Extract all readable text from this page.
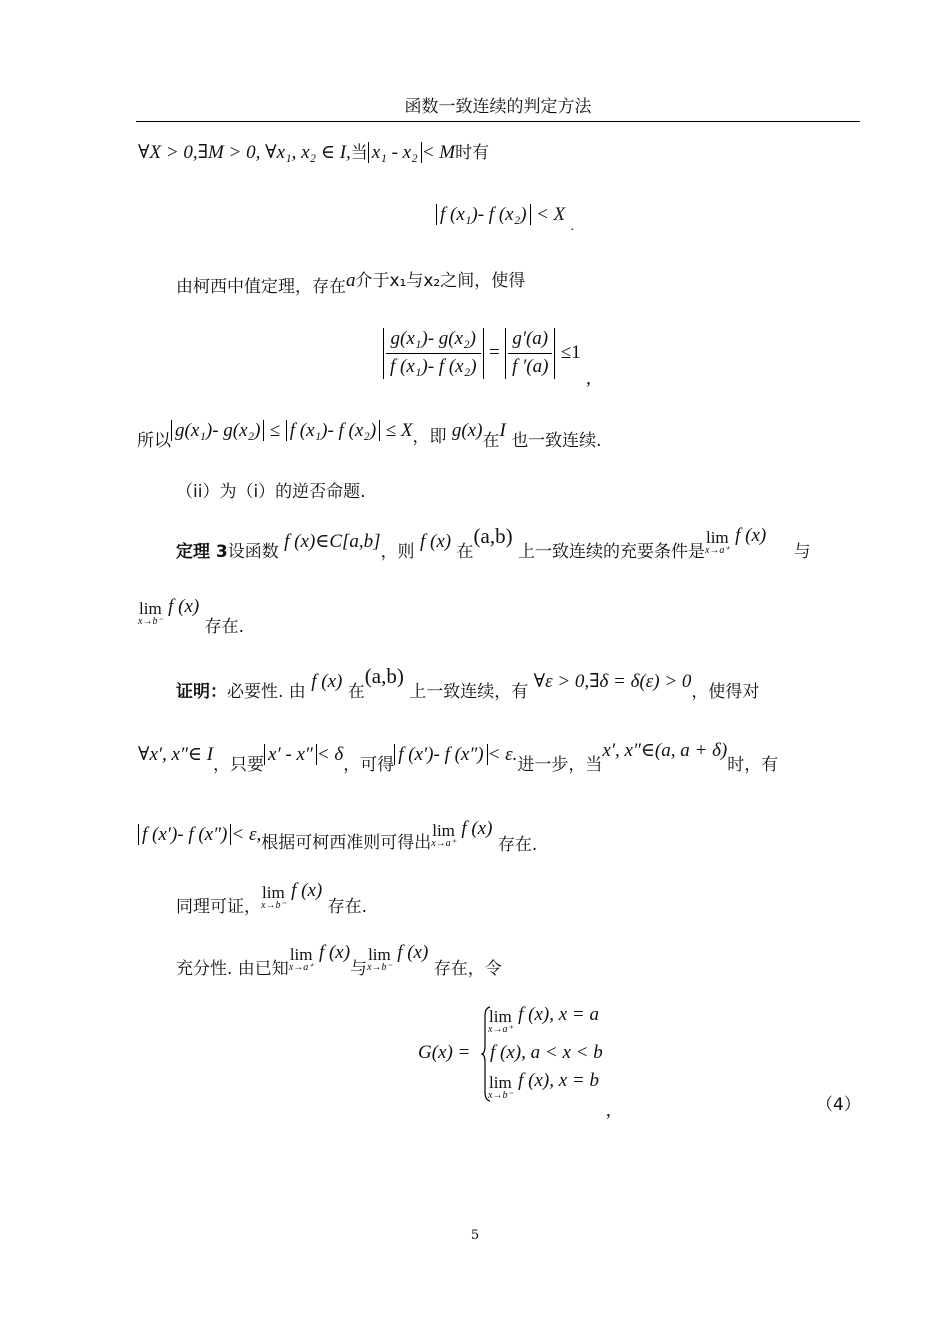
函数一致连续的判定方法
∀X > 0,∃M > 0, ∀x₁, x₂ ∈ I,当 x₁ - x₂ < M时有
f (x₁)- f (x₂) < X $_.$
由柯西中值定理，存在a介于x₁与x₂之间，使得
$\frac{\text{g(x₁)- g(x₂)}}{\text{f (x₁)- f (x₂)}} = \frac{g'(a)}{f '(a)} \le 1$ ,
所以 g(x₁)- g(x₂) ≤ f (x₁)- f (x₂) ≤ X，即 g(x)在I 也一致连续.
（ii）为（i）的逆否命题.
定理 3设函数 f (x)∈C[a,b]，则 f (x) 在(a,b) 上一致连续的充要条件是
lim
x→a⁺
f (x) 与
lim
x→b⁻
f (x) 存在.
证明：必要性. 由 f (x) 在(a,b) 上一致连续，有 ∀ε > 0,∃δ = δ(ε) > 0，使得对
∀x′, x″∈ I，只要 x′ - x″ < δ，可得 f (x′)- f (x″) < ε.进一步，当x′, x″∈(a, a + δ)时，有
f (x′)- f (x″) < ε,根据可柯西准则可得出
lim
x→a⁺
f (x) 存在.
同理可证，
lim
x→b⁻
f (x) 存在.
充分性. 由已知
lim
x→a⁺
f (x)与
lim
x→b⁻
f (x) 存在，令
G(x) =
lim
x→a⁺
f (x), x = a
f (x), a < x < b
lim
x→b⁻
f (x), x = b
,	（4）
5
